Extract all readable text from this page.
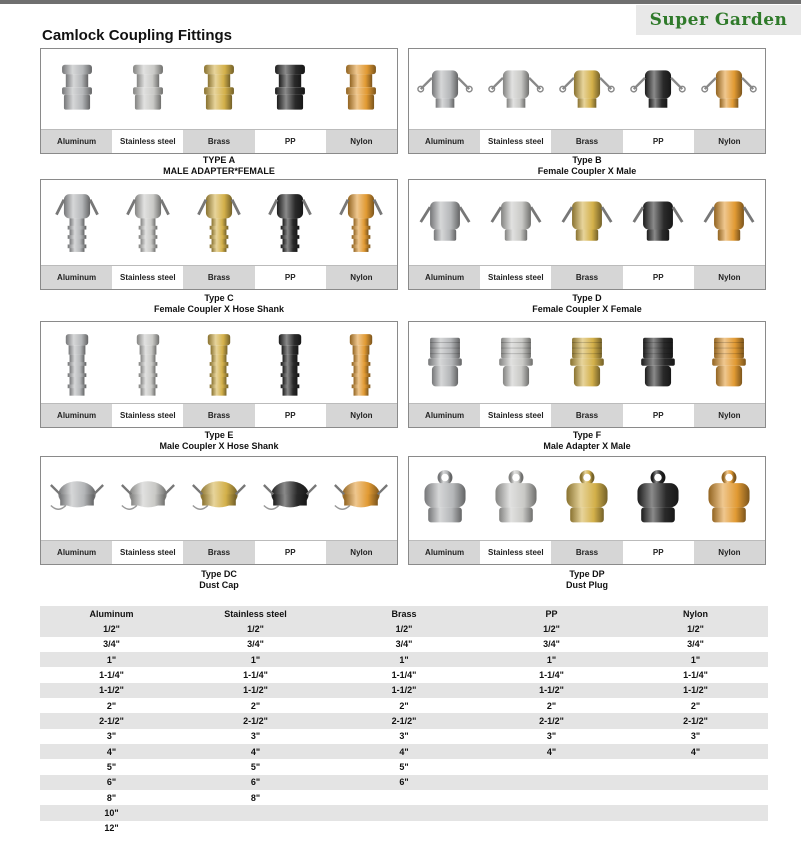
Super Garden
Camlock Coupling Fittings
Aluminum	Stainless steel	Brass	PP	Nylon
TYPE A
MALE ADAPTER*FEMALE
Aluminum	Stainless steel	Brass	PP	Nylon
Type B
Female Coupler X Male
Aluminum	Stainless steel	Brass	PP	Nylon
Type C
Female Coupler X Hose Shank
Aluminum	Stainless steel	Brass	PP	Nylon
Type D
Female Coupler X Female
Aluminum	Stainless steel	Brass	PP	Nylon
Type E
Male Coupler X Hose Shank
Aluminum	Stainless steel	Brass	PP	Nylon
Type F
Male Adapter X Male
Aluminum	Stainless steel	Brass	PP	Nylon
Type DC
Dust Cap
Aluminum	Stainless steel	Brass	PP	Nylon
Type DP
Dust Plug
Aluminum	Stainless steel	Brass	PP	Nylon
1/2"	1/2"	1/2"	1/2"	1/2"
3/4"	3/4"	3/4"	3/4"	3/4"
1"	1"	1"	1"	1"
1-1/4"	1-1/4"	1-1/4"	1-1/4"	1-1/4"
1-1/2"	1-1/2"	1-1/2"	1-1/2"	1-1/2"
2"	2"	2"	2"	2"
2-1/2"	2-1/2"	2-1/2"	2-1/2"	2-1/2"
3"	3"	3"	3"	3"
4"	4"	4"	4"	4"
5"	5"	5"		
6"	6"	6"		
8"	8"			
10"				
12"				
